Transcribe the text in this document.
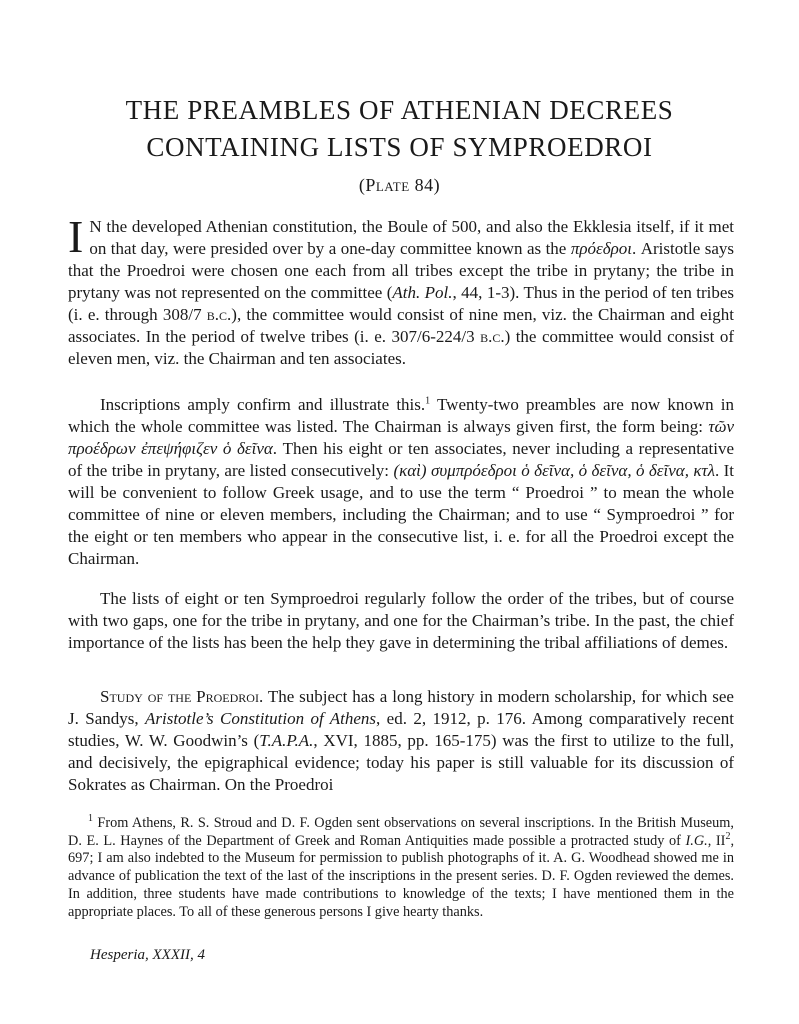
THE PREAMBLES OF ATHENIAN DECREES
CONTAINING LISTS OF SYMPROEDROI
(Plate 84)

I N the developed Athenian constitution, the Boule of 500, and also the Ekklesia itself, if it met on that day, were presided over by a one-day committee known as the πρόεδροι. Aristotle says that the Proedroi were chosen one each from all tribes except the tribe in prytany; the tribe in prytany was not represented on the committee (Ath. Pol., 44, 1-3). Thus in the period of ten tribes (i. e. through 308/7 b.c.), the committee would consist of nine men, viz. the Chairman and eight associates. In the period of twelve tribes (i. e. 307/6-224/3 b.c.) the committee would consist of eleven men, viz. the Chairman and ten associates.

Inscriptions amply confirm and illustrate this.$^1$ Twenty-two preambles are now known in which the whole committee was listed. The Chairman is always given first, the form being: τῶν προέδρων ἐπεψήφιζεν ὁ δεῖνα. Then his eight or ten associates, never including a representative of the tribe in prytany, are listed consecutively: (καὶ) συμπρόεδροι ὁ δεῖνα, ὁ δεῖνα, ὁ δεῖνα, κτλ. It will be convenient to follow Greek usage, and to use the term “ Proedroi ” to mean the whole committee of nine or eleven members, including the Chairman; and to use “ Symproedroi ” for the eight or ten members who appear in the consecutive list, i. e. for all the Proedroi except the Chairman.

The lists of eight or ten Symproedroi regularly follow the order of the tribes, but of course with two gaps, one for the tribe in prytany, and one for the Chairman’s tribe. In the past, the chief importance of the lists has been the help they gave in determining the tribal affiliations of demes.

Study of the Proedroi. The subject has a long history in modern scholarship, for which see J. Sandys, Aristotle’s Constitution of Athens, ed. 2, 1912, p. 176. Among comparatively recent studies, W. W. Goodwin’s (T.A.P.A., XVI, 1885, pp. 165-175) was the first to utilize to the full, and decisively, the epigraphical evidence; today his paper is still valuable for its discussion of Sokrates as Chairman. On the Proedroi

$^1$ From Athens, R. S. Stroud and D. F. Ogden sent observations on several inscriptions. In the British Museum, D. E. L. Haynes of the Department of Greek and Roman Antiquities made possible a protracted study of I.G., $II^2$, 697; I am also indebted to the Museum for permission to publish photographs of it. A. G. Woodhead showed me in advance of publication the text of the last of the inscriptions in the present series. D. F. Ogden reviewed the demes. In addition, three students have made contributions to knowledge of the texts; I have mentioned them in the appropriate places. To all of these generous persons I give hearty thanks.

Hesperia, XXXII, 4
